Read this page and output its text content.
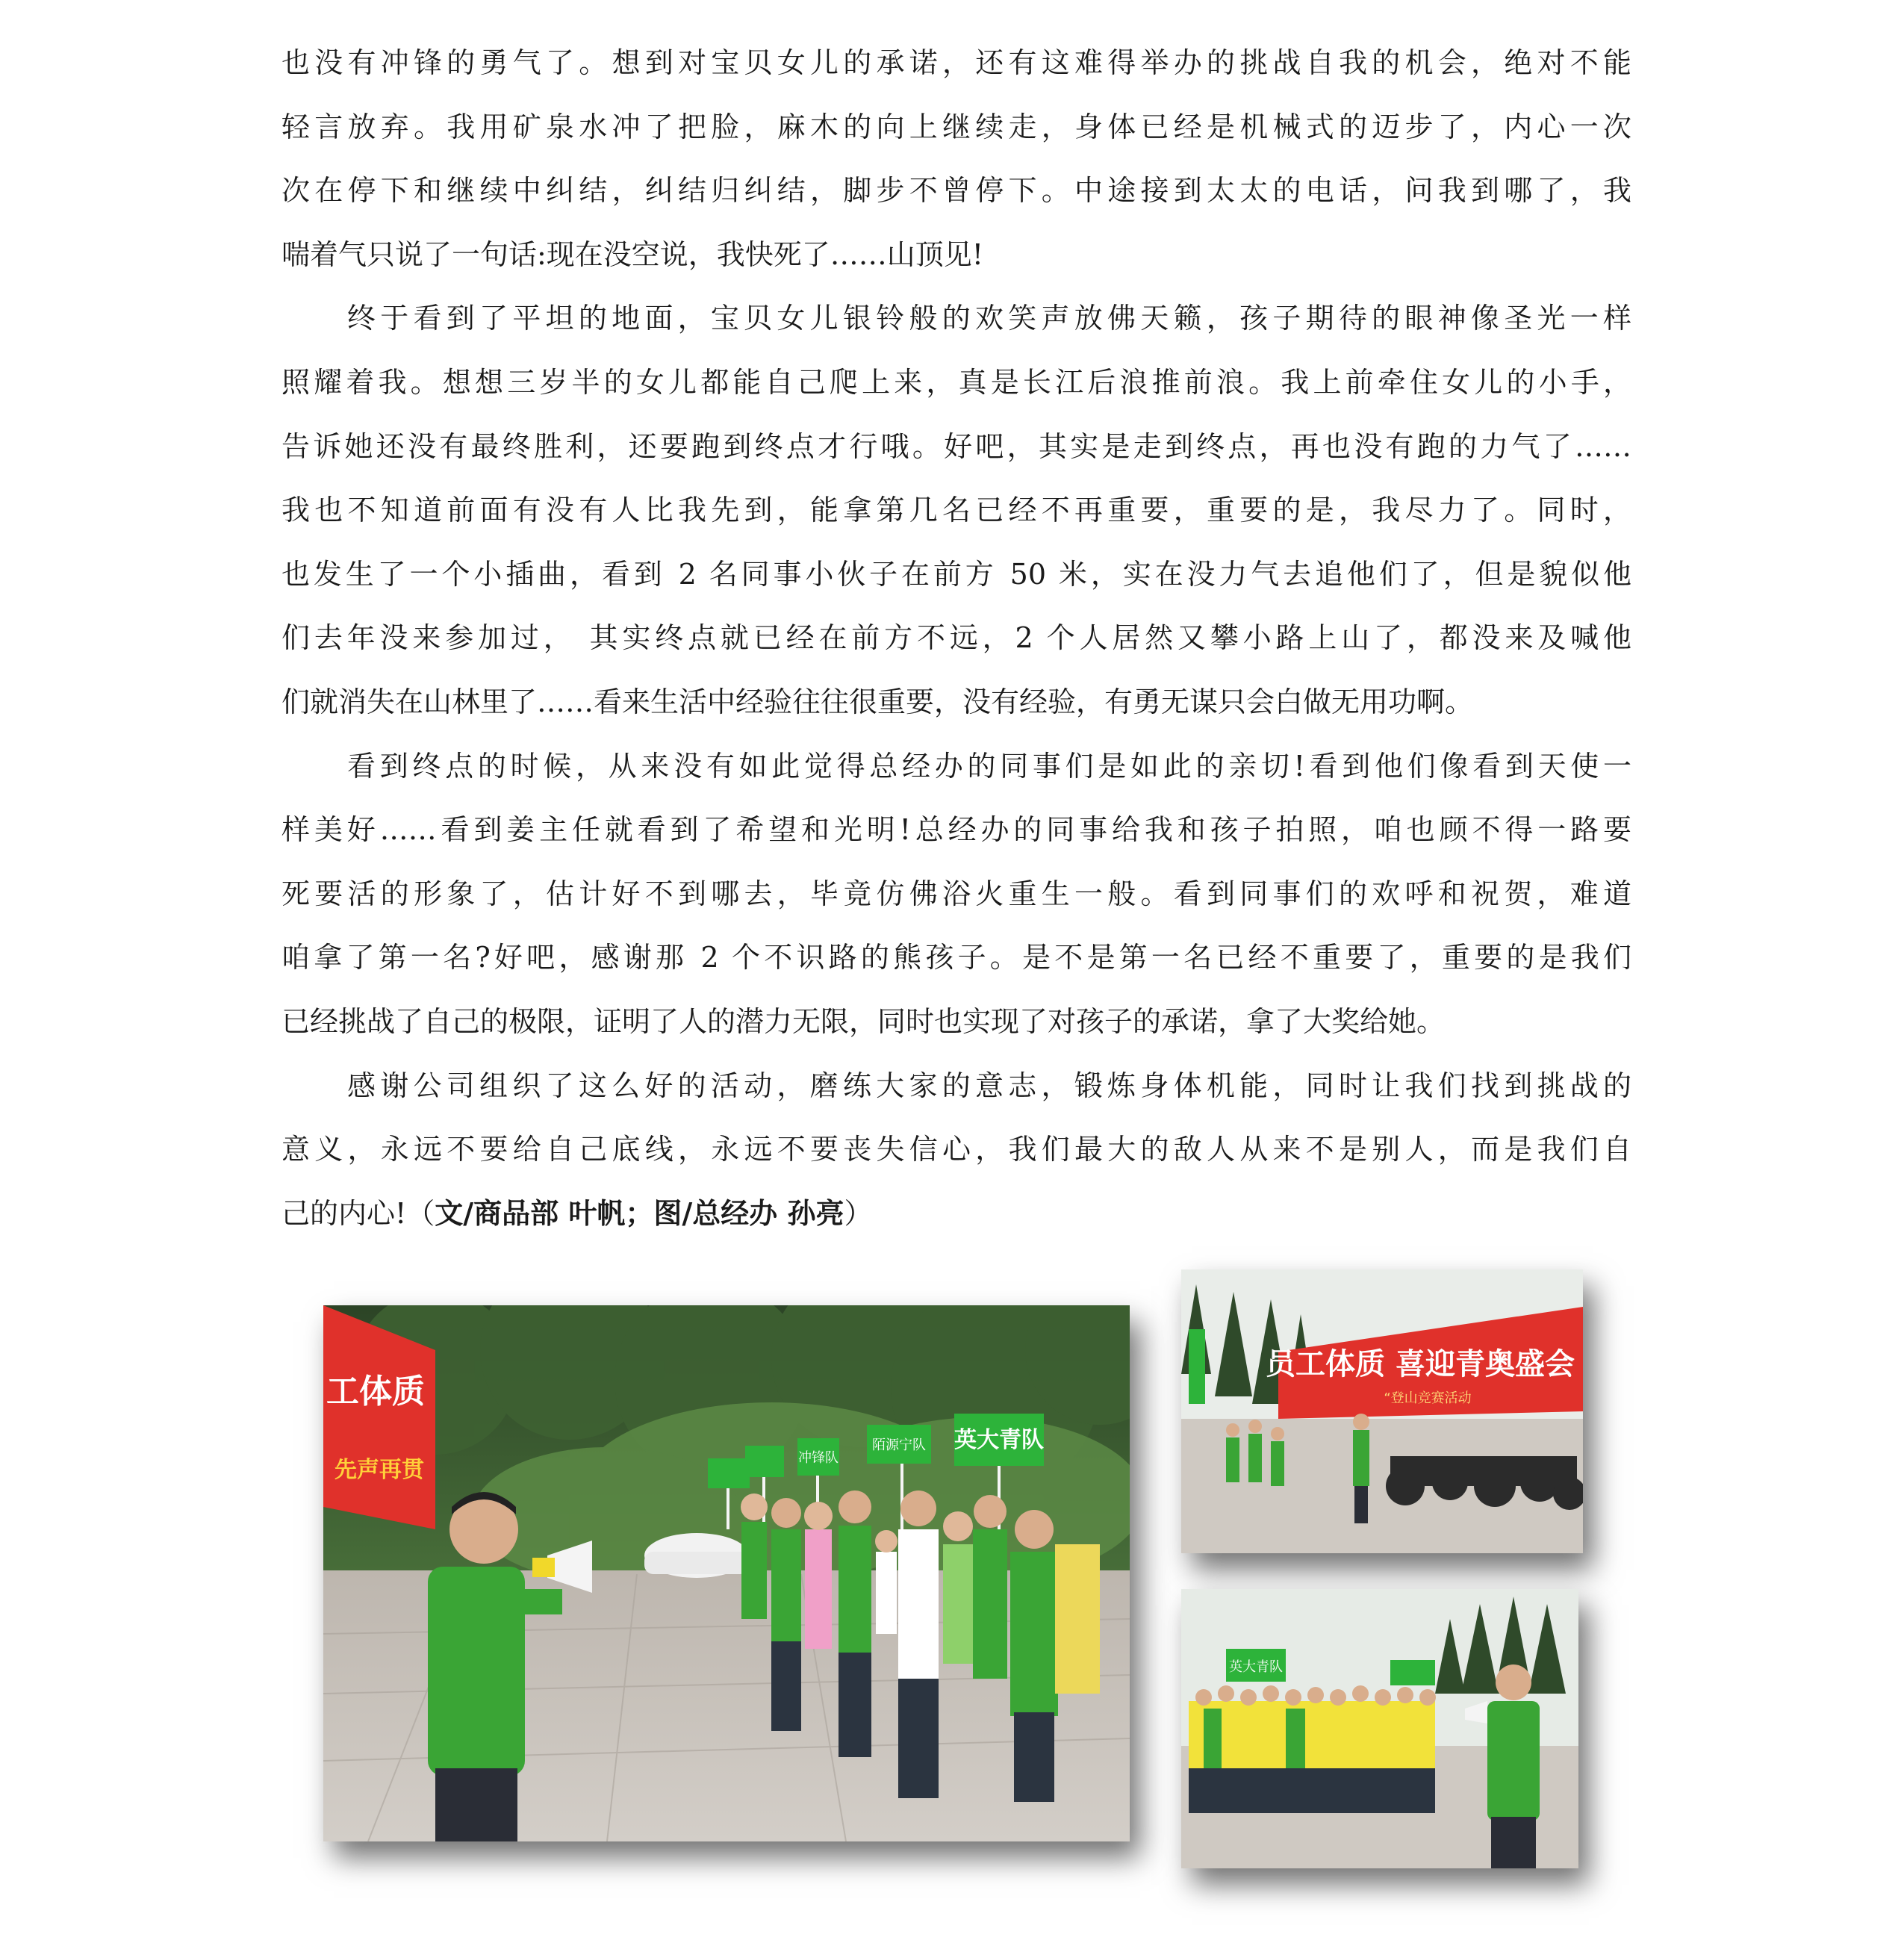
也没有冲锋的勇气了。想到对宝贝女儿的承诺，还有这难得举办的挑战自我的机会，绝对不能

轻言放弃。我用矿泉水冲了把脸，麻木的向上继续走，身体已经是机械式的迈步了，内心一次

次在停下和继续中纠结，纠结归纠结，脚步不曾停下。中途接到太太的电话，问我到哪了，我

喘着气只说了一句话:现在没空说，我快死了……山顶见!

终于看到了平坦的地面，宝贝女儿银铃般的欢笑声放佛天籁，孩子期待的眼神像圣光一样

照耀着我。想想三岁半的女儿都能自己爬上来，真是长江后浪推前浪。我上前牵住女儿的小手，

告诉她还没有最终胜利，还要跑到终点才行哦。好吧，其实是走到终点，再也没有跑的力气了……

我也不知道前面有没有人比我先到，能拿第几名已经不再重要，重要的是，我尽力了。同时，

也发生了一个小插曲，看到 2 名同事小伙子在前方 50 米，实在没力气去追他们了，但是貌似他

们去年没来参加过， 其实终点就已经在前方不远，2 个人居然又攀小路上山了，都没来及喊他

们就消失在山林里了……看来生活中经验往往很重要，没有经验，有勇无谋只会白做无用功啊。

看到终点的时候，从来没有如此觉得总经办的同事们是如此的亲切!看到他们像看到天使一

样美好……看到姜主任就看到了希望和光明!总经办的同事给我和孩子拍照，咱也顾不得一路要

死要活的形象了，估计好不到哪去，毕竟仿佛浴火重生一般。看到同事们的欢呼和祝贺，难道

咱拿了第一名?好吧，感谢那 2 个不识路的熊孩子。是不是第一名已经不重要了，重要的是我们

已经挑战了自己的极限，证明了人的潜力无限，同时也实现了对孩子的承诺，拿了大奖给她。

感谢公司组织了这么好的活动，磨练大家的意志，锻炼身体机能，同时让我们找到挑战的

意义，永远不要给自己底线，永远不要丧失信心，我们最大的敌人从来不是别人，而是我们自

己的内心!（文/商品部 叶帆；图/总经办 孙亮）

工体质
先声再贯	冲锋队
陌源宁队 英大青队
员工体质 喜迎青奥盛会
“登山竞赛活动
英大青队
